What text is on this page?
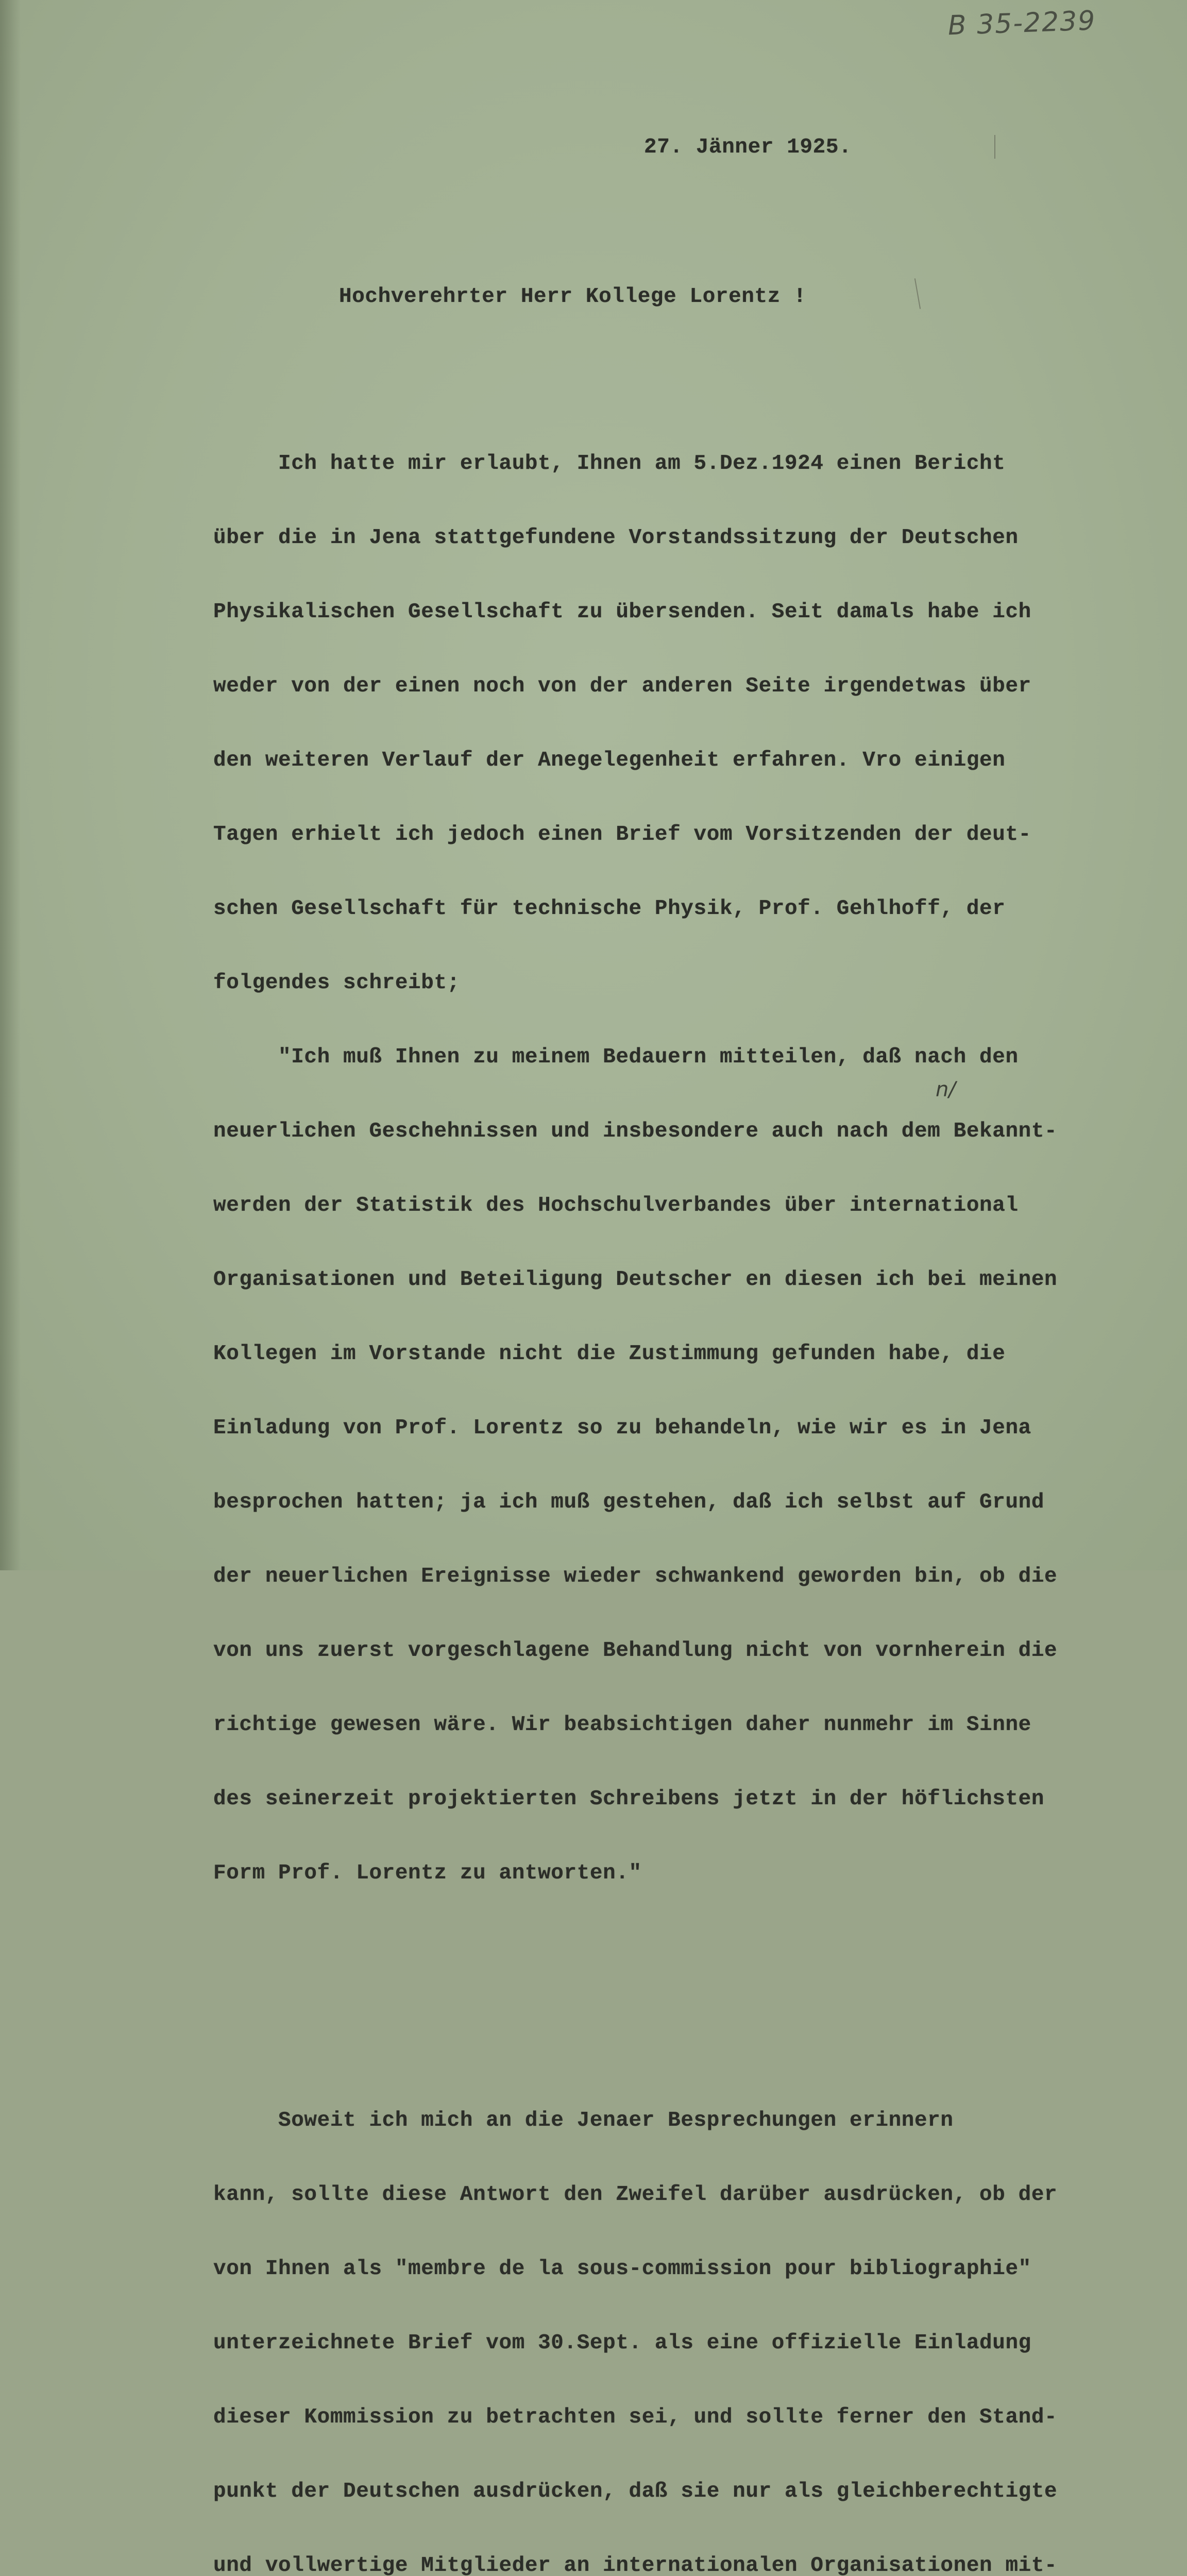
B 35-2239
27. Jänner 1925.
Hochverehrter Herr Kollege Lorentz !

Ich hatte mir erlaubt, Ihnen am 5.Dez.1924 einen Bericht

über die in Jena stattgefundene Vorstandssitzung der Deutschen

Physikalischen Gesellschaft zu übersenden. Seit damals habe ich

weder von der einen noch von der anderen Seite irgendetwas über

den weiteren Verlauf der Anegelegenheit erfahren. Vro einigen

Tagen erhielt ich jedoch einen Brief vom Vorsitzenden der deut-

schen Gesellschaft für technische Physik, Prof. Gehlhoff, der

folgendes schreibt;

"Ich muß Ihnen zu meinem Bedauern mitteilen, daß nach den

neuerlichen Geschehnissen und insbesondere auch nach dem Bekannt-

werden der Statistik des Hochschulverbandes über international

Organisationen und Beteiligung Deutscher en diesen ich bei meinen

Kollegen im Vorstande nicht die Zustimmung gefunden habe, die

Einladung von Prof. Lorentz so zu behandeln, wie wir es in Jena

besprochen hatten; ja ich muß gestehen, daß ich selbst auf Grund

der neuerlichen Ereignisse wieder schwankend geworden bin, ob die

von uns zuerst vorgeschlagene Behandlung nicht von vornherein die

richtige gewesen wäre. Wir beabsichtigen daher nunmehr im Sinne

des seinerzeit projektierten Schreibens jetzt in der höflichsten

Form Prof. Lorentz zu antworten."

Soweit ich mich an die Jenaer Besprechungen erinnern

kann, sollte diese Antwort den Zweifel darüber ausdrücken, ob der

von Ihnen als "membre de la sous-commission pour bibliographie"

unterzeichnete Brief vom 30.Sept. als eine offizielle Einladung

dieser Kommission zu betrachten sei, und sollte ferner den Stand-

punkt der Deutschen ausdrücken, daß sie nur als gleichberechtigte

und vollwertige Mitglieder an internationalen Organisationen mit-

n/
